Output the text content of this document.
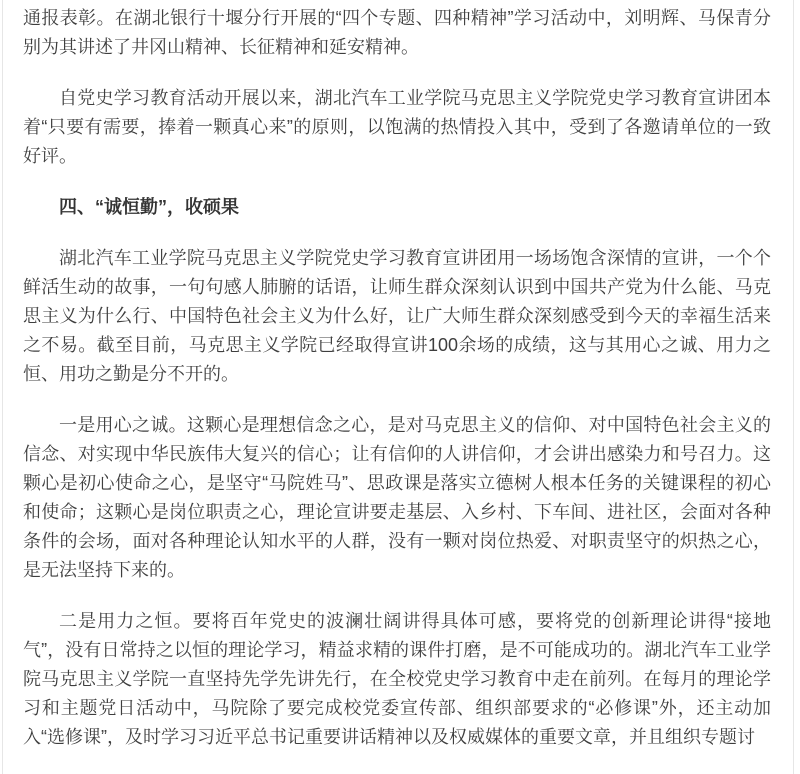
通报表彰。在湖北银行十堰分行开展的“四个专题、四种精神”学习活动中，刘明辉、马保青分别为其讲述了井冈山精神、长征精神和延安精神。

自党史学习教育活动开展以来，湖北汽车工业学院马克思主义学院党史学习教育宣讲团本着“只要有需要，捧着一颗真心来”的原则，以饱满的热情投入其中，受到了各邀请单位的一致好评。

四、“诚恒勤”，收硕果

湖北汽车工业学院马克思主义学院党史学习教育宣讲团用一场场饱含深情的宣讲，一个个鲜活生动的故事，一句句感人肺腑的话语，让师生群众深刻认识到中国共产党为什么能、马克思主义为什么行、中国特色社会主义为什么好，让广大师生群众深刻感受到今天的幸福生活来之不易。截至目前，马克思主义学院已经取得宣讲100余场的成绩，这与其用心之诚、用力之恒、用功之勤是分不开的。

一是用心之诚。这颗心是理想信念之心，是对马克思主义的信仰、对中国特色社会主义的信念、对实现中华民族伟大复兴的信心；让有信仰的人讲信仰，才会讲出感染力和号召力。这颗心是初心使命之心，是坚守“马院姓马”、思政课是落实立德树人根本任务的关键课程的初心和使命；这颗心是岗位职责之心，理论宣讲要走基层、入乡村、下车间、进社区，会面对各种条件的会场，面对各种理论认知水平的人群，没有一颗对岗位热爱、对职责坚守的炽热之心，是无法坚持下来的。

二是用力之恒。要将百年党史的波澜壮阔讲得具体可感，要将党的创新理论讲得“接地气”，没有日常持之以恒的理论学习，精益求精的课件打磨，是不可能成功的。湖北汽车工业学院马克思主义学院一直坚持先学先讲先行，在全校党史学习教育中走在前列。在每月的理论学习和主题党日活动中，马院除了要完成校党委宣传部、组织部要求的“必修课”外，还主动加入“选修课”，及时学习习近平总书记重要讲话精神以及权威媒体的重要文章，并且组织专题讨
